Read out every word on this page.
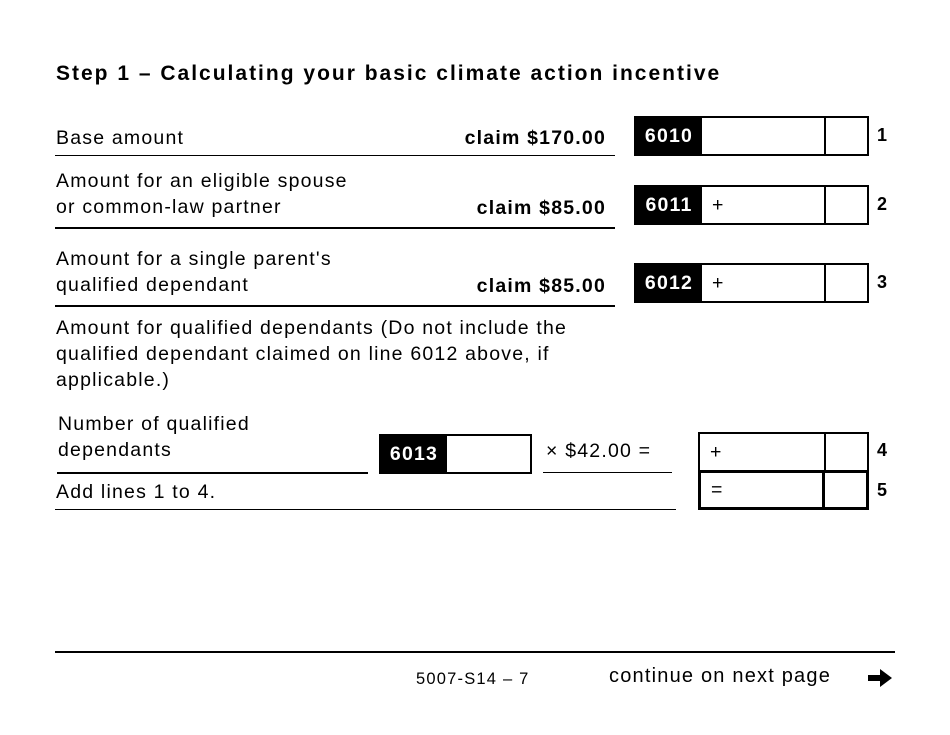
Step 1 – Calculating your basic climate action incentive
Base amount	claim $170.00	6010	1
Amount for an eligible spouse
or common-law partner	claim $85.00	6011 +	2
Amount for a single parent's
qualified dependant	claim $85.00	6012 +	3
Amount for qualified dependants (Do not include the
qualified dependant claimed on line 6012 above, if
applicable.)
Number of qualified
dependants	6013	× $42.00 =	+	4
Add lines 1 to 4.	=	5
5007-S14 – 7	continue on next page
